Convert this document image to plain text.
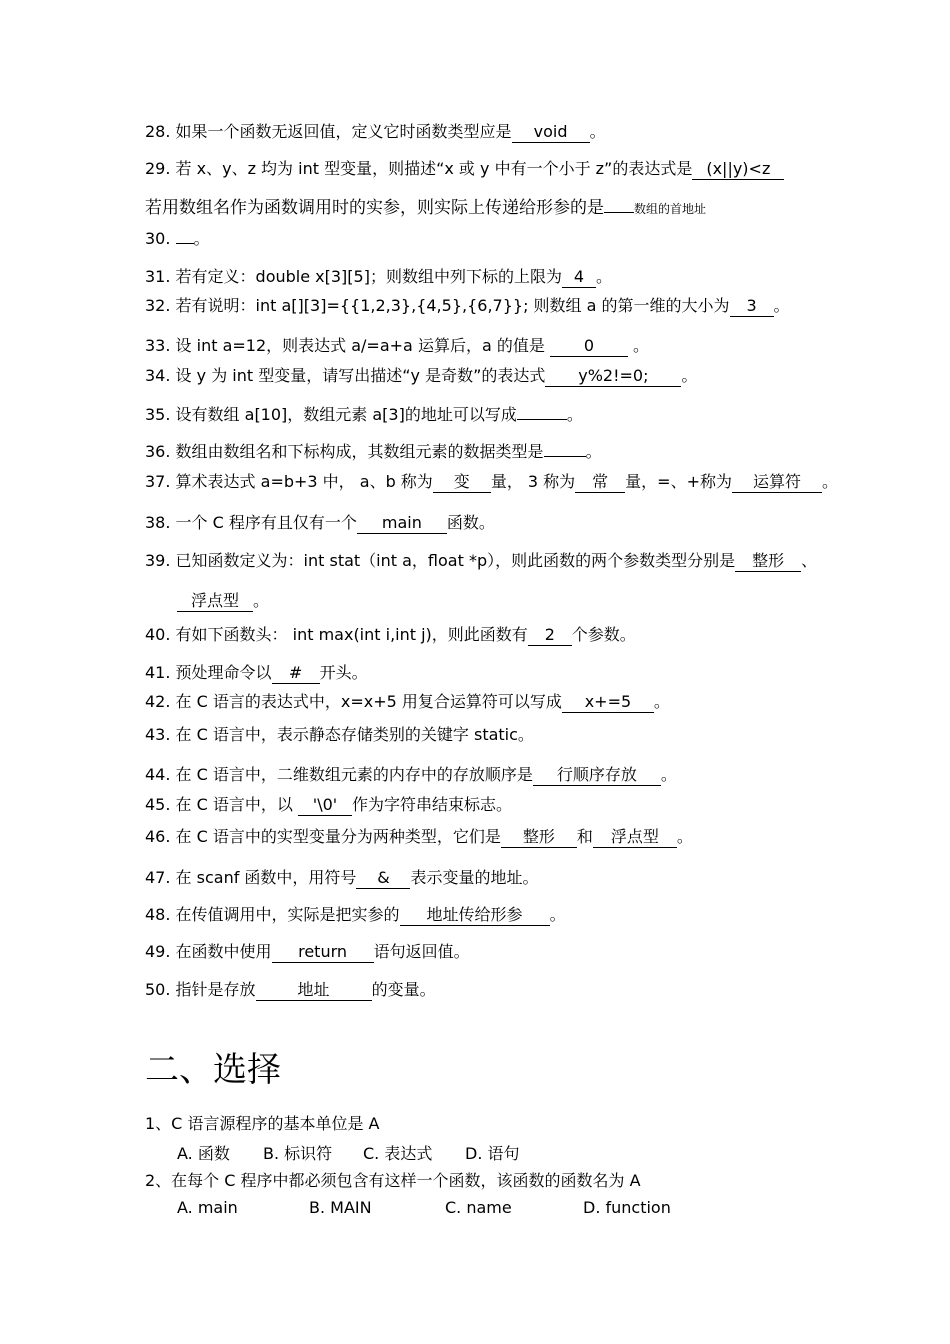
28. 如果一个函数无返回值，定义它时函数类型应是 void 。
29. 若 x、y、z 均为 int 型变量，则描述“x 或 y 中有一个小于 z”的表达式是 (x||y)<z
若用数组名作为函数调用时的实参，则实际上传递给形参的是	数组的首地址
30. 。
31. 若有定义：double x[3][5]；则数组中列下标的上限为 4 。
32. 若有说明：int a[][3]={{1,2,3},{4,5},{6,7}}; 则数组 a 的第一维的大小为 3 。
33. 设 int a=12，则表达式 a/=a+a 运算后，a 的值是 0 。
34. 设 y 为 int 型变量，请写出描述“y 是奇数”的表达式 y%2!=0; 。
35. 设有数组 a[10]，数组元素 a[3]的地址可以写成	。
36. 数组由数组名和下标构成，其数组元素的数据类型是	。
37. 算术表达式 a=b+3 中， a、b 称为 变 量， 3 称为 常 量，=、+称为 运算符 。
38. 一个 C 程序有且仅有一个 main 函数。
39. 已知函数定义为：int stat（int a，float *p），则此函数的两个参数类型分别是 整形 、
浮点型 。
40. 有如下函数头： int max(int i,int j)，则此函数有 2 个参数。
41. 预处理命令以 # 开头。
42. 在 C 语言的表达式中，x=x+5 用复合运算符可以写成 x+=5 。
43. 在 C 语言中，表示静态存储类别的关键字 static。
44. 在 C 语言中，二维数组元素的内存中的存放顺序是 行顺序存放 。
45. 在 C 语言中，以 '\0' 作为字符串结束标志。
46. 在 C 语言中的实型变量分为两种类型，它们是 整形 和 浮点型 。
47. 在 scanf 函数中，用符号 & 表示变量的地址。
48. 在传值调用中，实际是把实参的 地址传给形参 。
49. 在函数中使用 return 语句返回值。
50. 指针是存放	地址	的变量。
二、选择
1、C 语言源程序的基本单位是 A
A. 函数 B. 标识符 C. 表达式 D. 语句
2、在每个 C 程序中都必须包含有这样一个函数，该函数的函数名为 A
A. main	B. MAIN	C. name	D. function
